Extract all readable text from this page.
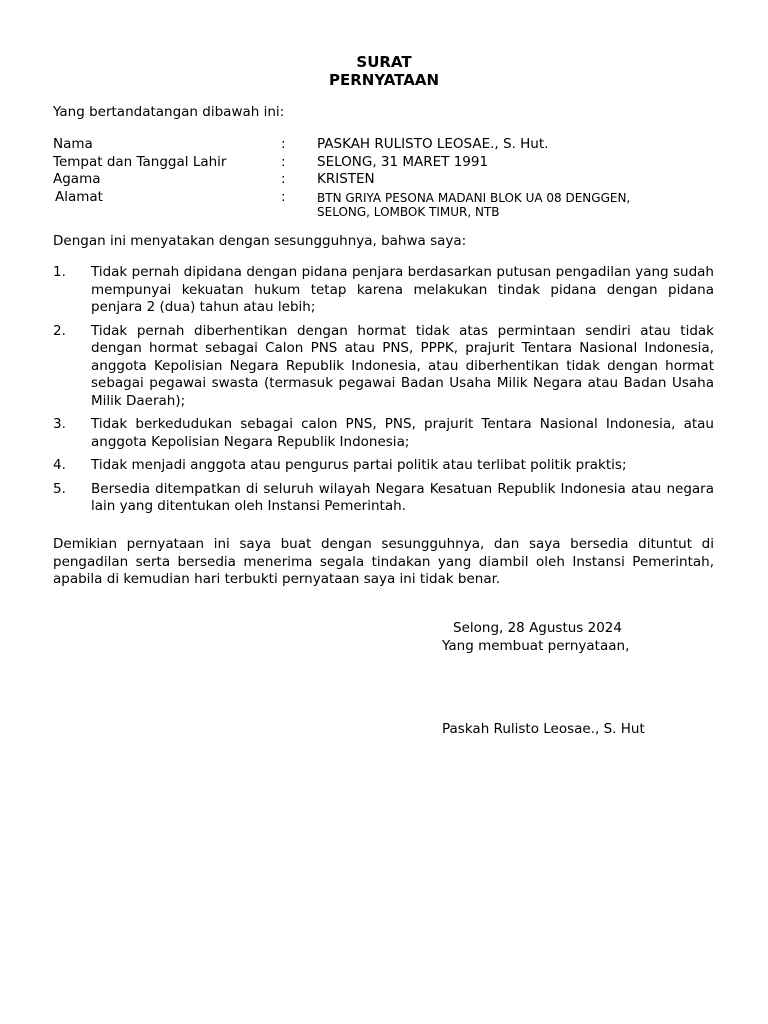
SURAT
PERNYATAAN
Yang bertandatangan dibawah ini:
Nama	:	PASKAH RULISTO LEOSAE., S. Hut.
Tempat dan Tanggal Lahir	:	SELONG, 31 MARET 1991
Agama	:	KRISTEN
Alamat	:	BTN GRIYA PESONA MADANI BLOK UA 08 DENGGEN,
SELONG, LOMBOK TIMUR, NTB
Dengan ini menyatakan dengan sesungguhnya, bahwa saya:
1.	Tidak pernah dipidana dengan pidana penjara berdasarkan putusan pengadilan yang sudah mempunyai kekuatan hukum tetap karena melakukan tindak pidana dengan pidana penjara 2 (dua) tahun atau lebih;
2.	Tidak pernah diberhentikan dengan hormat tidak atas permintaan sendiri atau tidak dengan hormat sebagai Calon PNS atau PNS, PPPK, prajurit Tentara Nasional Indonesia, anggota Kepolisian Negara Republik Indonesia, atau diberhentikan tidak dengan hormat sebagai pegawai swasta (termasuk pegawai Badan Usaha Milik Negara atau Badan Usaha Milik Daerah);
3.	Tidak berkedudukan sebagai calon PNS, PNS, prajurit Tentara Nasional Indonesia, atau anggota Kepolisian Negara Republik Indonesia;
4.	Tidak menjadi anggota atau pengurus partai politik atau terlibat politik praktis;
5.	Bersedia ditempatkan di seluruh wilayah Negara Kesatuan Republik Indonesia atau negara lain yang ditentukan oleh Instansi Pemerintah.
Demikian pernyataan ini saya buat dengan sesungguhnya, dan saya bersedia dituntut di pengadilan serta bersedia menerima segala tindakan yang diambil oleh Instansi Pemerintah, apabila di kemudian hari terbukti pernyataan saya ini tidak benar.
Selong, 28 Agustus 2024
Yang membuat pernyataan,
Paskah Rulisto Leosae., S. Hut
